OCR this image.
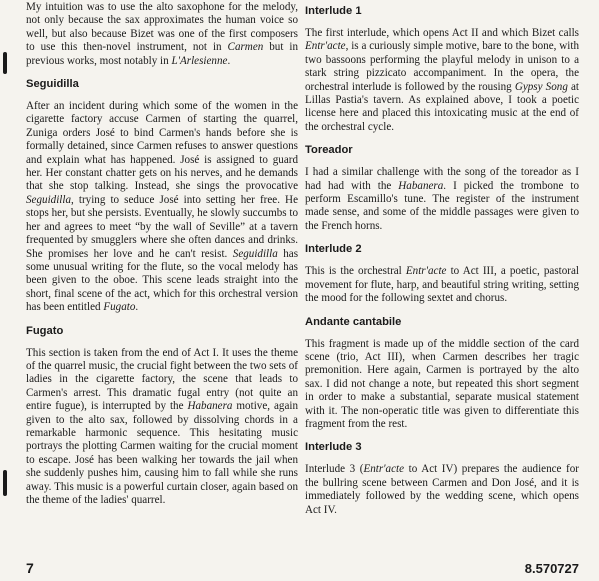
My intuition was to use the alto saxophone for the melody, not only because the sax approximates the human voice so well, but also because Bizet was one of the first composers to use this then-novel instrument, not in Carmen but in previous works, most notably in L'Arlesienne.

Seguidilla

After an incident during which some of the women in the cigarette factory accuse Carmen of starting the quarrel, Zuniga orders José to bind Carmen's hands before she is formally detained, since Carmen refuses to answer questions and explain what has happened. José is assigned to guard her. Her constant chatter gets on his nerves, and he demands that she stop talking. Instead, she sings the provocative Seguidilla, trying to seduce José into setting her free. He stops her, but she persists. Eventually, he slowly succumbs to her and agrees to meet “by the wall of Seville” at a tavern frequented by smugglers where she often dances and drinks. She promises her love and he can't resist. Seguidilla has some unusual writing for the flute, so the vocal melody has been given to the oboe. This scene leads straight into the short, final scene of the act, which for this orchestral version has been entitled Fugato.

Fugato

This section is taken from the end of Act I. It uses the theme of the quarrel music, the crucial fight between the two sets of ladies in the cigarette factory, the scene that leads to Carmen's arrest. This dramatic fugal entry (not quite an entire fugue), is interrupted by the Habanera motive, again given to the alto sax, followed by dissolving chords in a remarkable harmonic sequence. This hesitating music portrays the plotting Carmen waiting for the crucial moment to escape. José has been walking her towards the jail when she suddenly pushes him, causing him to fall while she runs away. This music is a powerful curtain closer, again based on the theme of the ladies' quarrel.

Interlude 1

The first interlude, which opens Act II and which Bizet calls Entr'acte, is a curiously simple motive, bare to the bone, with two bassoons performing the playful melody in unison to a stark string pizzicato accompaniment. In the opera, the orchestral interlude is followed by the rousing Gypsy Song at Lillas Pastia's tavern. As explained above, I took a poetic license here and placed this intoxicating music at the end of the orchestral cycle.

Toreador

I had a similar challenge with the song of the toreador as I had had with the Habanera. I picked the trombone to perform Escamillo's tune. The register of the instrument made sense, and some of the middle passages were given to the French horns.

Interlude 2

This is the orchestral Entr'acte to Act III, a poetic, pastoral movement for flute, harp, and beautiful string writing, setting the mood for the following sextet and chorus.

Andante cantabile

This fragment is made up of the middle section of the card scene (trio, Act III), when Carmen describes her tragic premonition. Here again, Carmen is portrayed by the alto sax. I did not change a note, but repeated this short segment in order to make a substantial, separate musical statement with it. The non-operatic title was given to differentiate this fragment from the rest.

Interlude 3

Interlude 3 (Entr'acte to Act IV) prepares the audience for the bullring scene between Carmen and Don José, and it is immediately followed by the wedding scene, which opens Act IV.

7	8.570727
